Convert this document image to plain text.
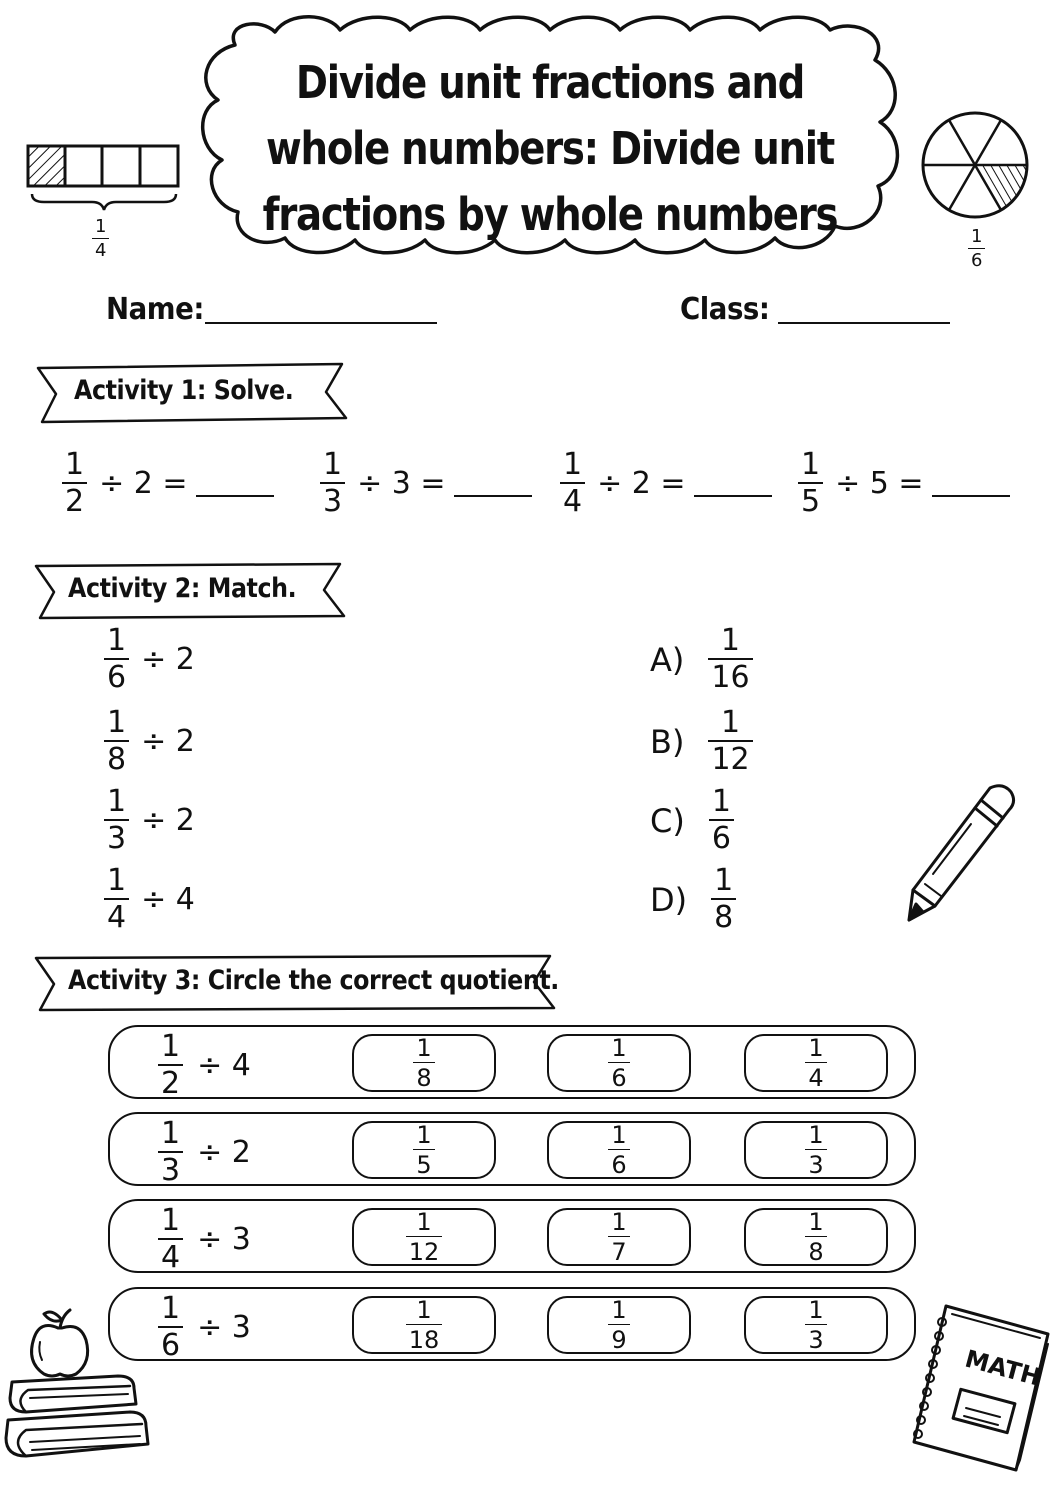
Divide unit fractions and whole numbers: Divide unit fractions by whole numbers
$\frac{1}{4}$	$\frac{1}{6}$
Name:	Class:
Activity 1: Solve.
$\frac{1}{2} \div 2$ =	$\frac{1}{3} \div 3$ =	$\frac{1}{4} \div 2$ =	$\frac{1}{5} \div 5$ =
Activity 2: Match.
$\frac{1}{6} \div 2$
$\frac{1}{8} \div 2$
$\frac{1}{3} \div 2$
$\frac{1}{4} \div 4$
$A) \frac{1}{16}$
$B) \frac{1}{12}$
$C) \frac{1}{6}$
$D) \frac{1}{8}$
Activity 3: Circle the correct quotient.
$\frac{1}{2} \div 4$	$\frac{1}{8}$	$\frac{1}{6}$	$\frac{1}{4}$
$\frac{1}{3} \div 2$	$\frac{1}{5}$	$\frac{1}{6}$	$\frac{1}{3}$
$\frac{1}{4} \div 3$	$\frac{1}{12}$	$\frac{1}{7}$	$\frac{1}{8}$
$\frac{1}{6} \div 3$	$\frac{1}{18}$	$\frac{1}{9}$	$\frac{1}{3}$
MATH
